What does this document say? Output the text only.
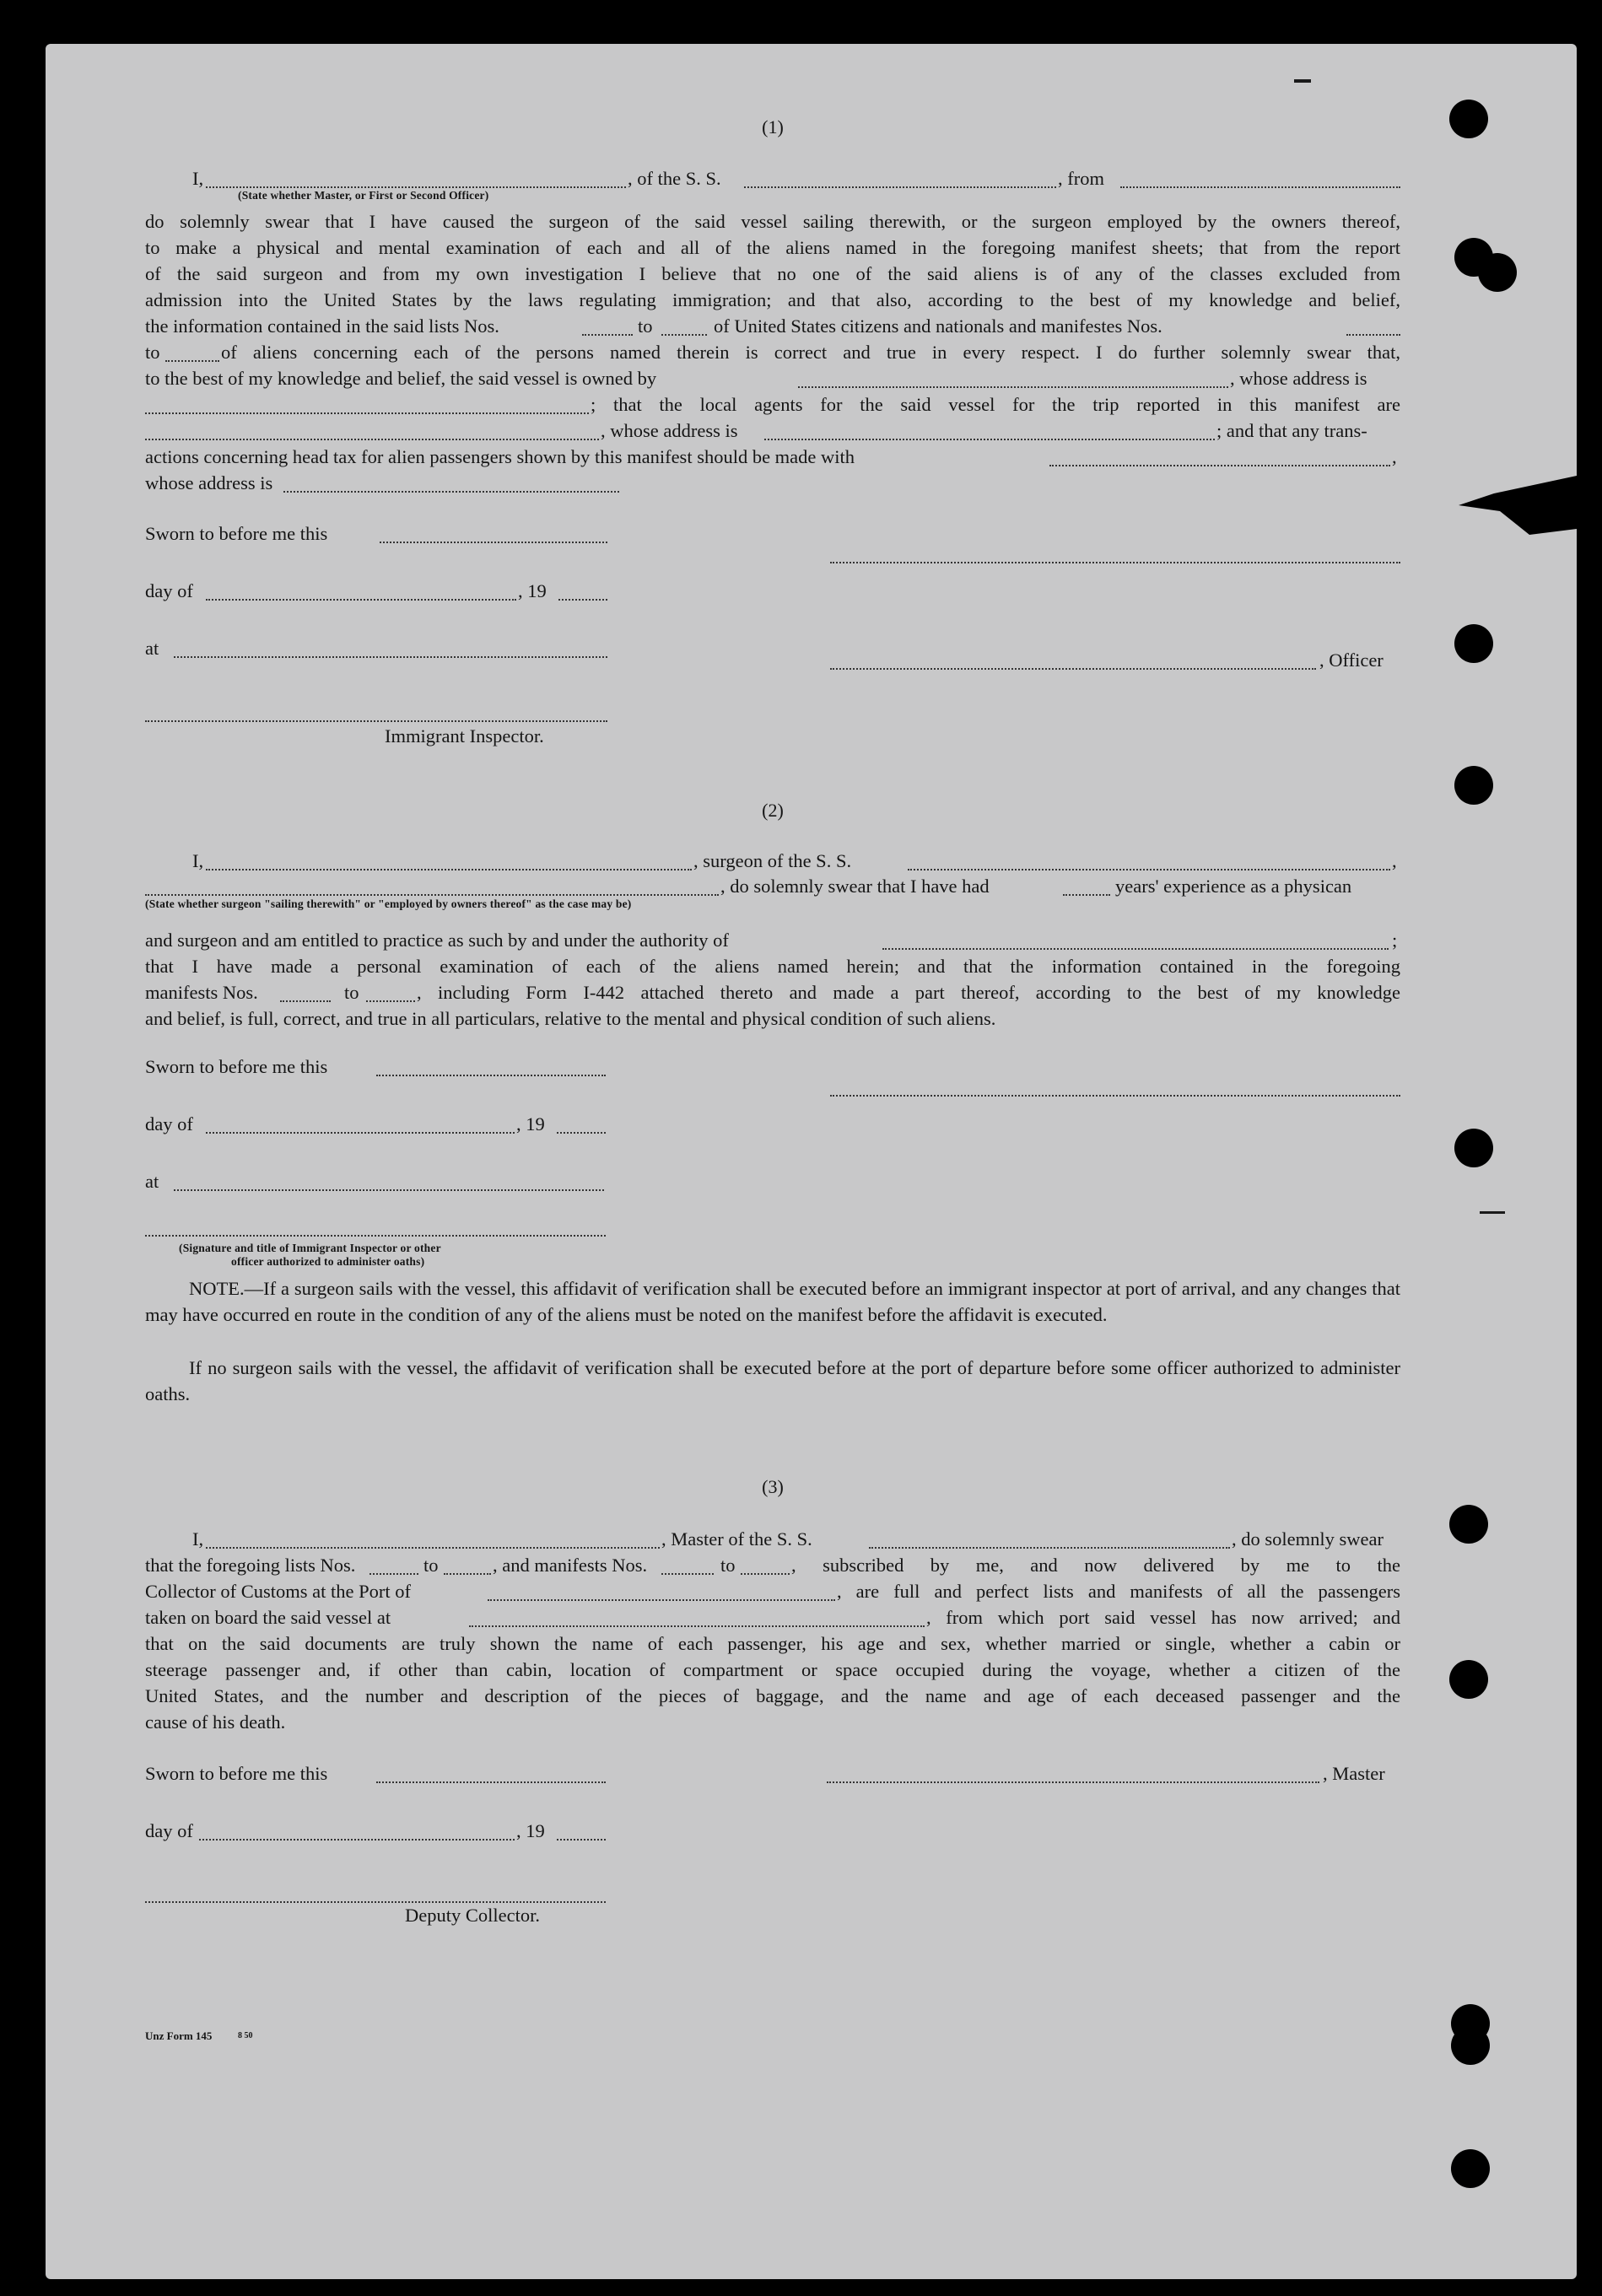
(1)
I,	, of the S. S.	, from
(State whether Master, or First or Second Officer)
do solemnly swear that I have caused the surgeon of the said vessel sailing therewith, or the surgeon employed by the owners thereof,
to make a physical and mental examination of each and all of the aliens named in the foregoing manifest sheets; that from the report
of the said surgeon and from my own investigation I believe that no one of the said aliens is of any of the classes excluded from
admission into the United States by the laws regulating immigration; and that also, according to the best of my knowledge and belief,
the information contained in the said lists Nos.	to	of United States citizens and nationals and manifestes Nos.
to	of aliens concerning each of the persons named therein is correct and true in every respect. I do further solemnly swear that,
to the best of my knowledge and belief, the said vessel is owned by	, whose address is
; that the local agents for the said vessel for the trip reported in this manifest are
, whose address is	; and that any trans-
actions concerning head tax for alien passengers shown by this manifest should be made with	,
whose address is
Sworn to before me this
day of	, 19
at
, Officer
Immigrant Inspector.
(2)
I,	, surgeon of the S. S.	,
, do solemnly swear that I have had	years' experience as a physican
(State whether surgeon "sailing therewith" or "employed by owners thereof" as the case may be)
and surgeon and am entitled to practice as such by and under the authority of	;
that I have made a personal examination of each of the aliens named herein; and that the information contained in the foregoing
manifests Nos.	to	, including Form I-442 attached thereto and made a part thereof, according to the best of my knowledge
and belief, is full, correct, and true in all particulars, relative to the mental and physical condition of such aliens.
Sworn to before me this
day of	, 19
at
(Signature and title of Immigrant Inspector or other
officer authorized to administer oaths)
NOTE.—If a surgeon sails with the vessel, this affidavit of verification shall be executed before an immigrant inspector at port of arrival, and any changes that may have occurred en route in the condition of any of the aliens must be noted on the manifest before the affidavit is executed.
If no surgeon sails with the vessel, the affidavit of verification shall be executed before at the port of departure before some officer authorized to administer oaths.
(3)
I,	, Master of the S. S.	, do solemnly swear
that the foregoing lists Nos.	to	, and manifests Nos.	to	, subscribed by me, and now delivered by me to the
Collector of Customs at the Port of	, are full and perfect lists and manifests of all the passengers
taken on board the said vessel at	, from which port said vessel has now arrived; and
that on the said documents are truly shown the name of each passenger, his age and sex, whether married or single, whether a cabin or
steerage passenger and, if other than cabin, location of compartment or space occupied during the voyage, whether a citizen of the
United States, and the number and description of the pieces of baggage, and the name and age of each deceased passenger and the
cause of his death.
Sworn to before me this	, Master
day of	, 19
Deputy Collector.
Unz Form 145	8 50
